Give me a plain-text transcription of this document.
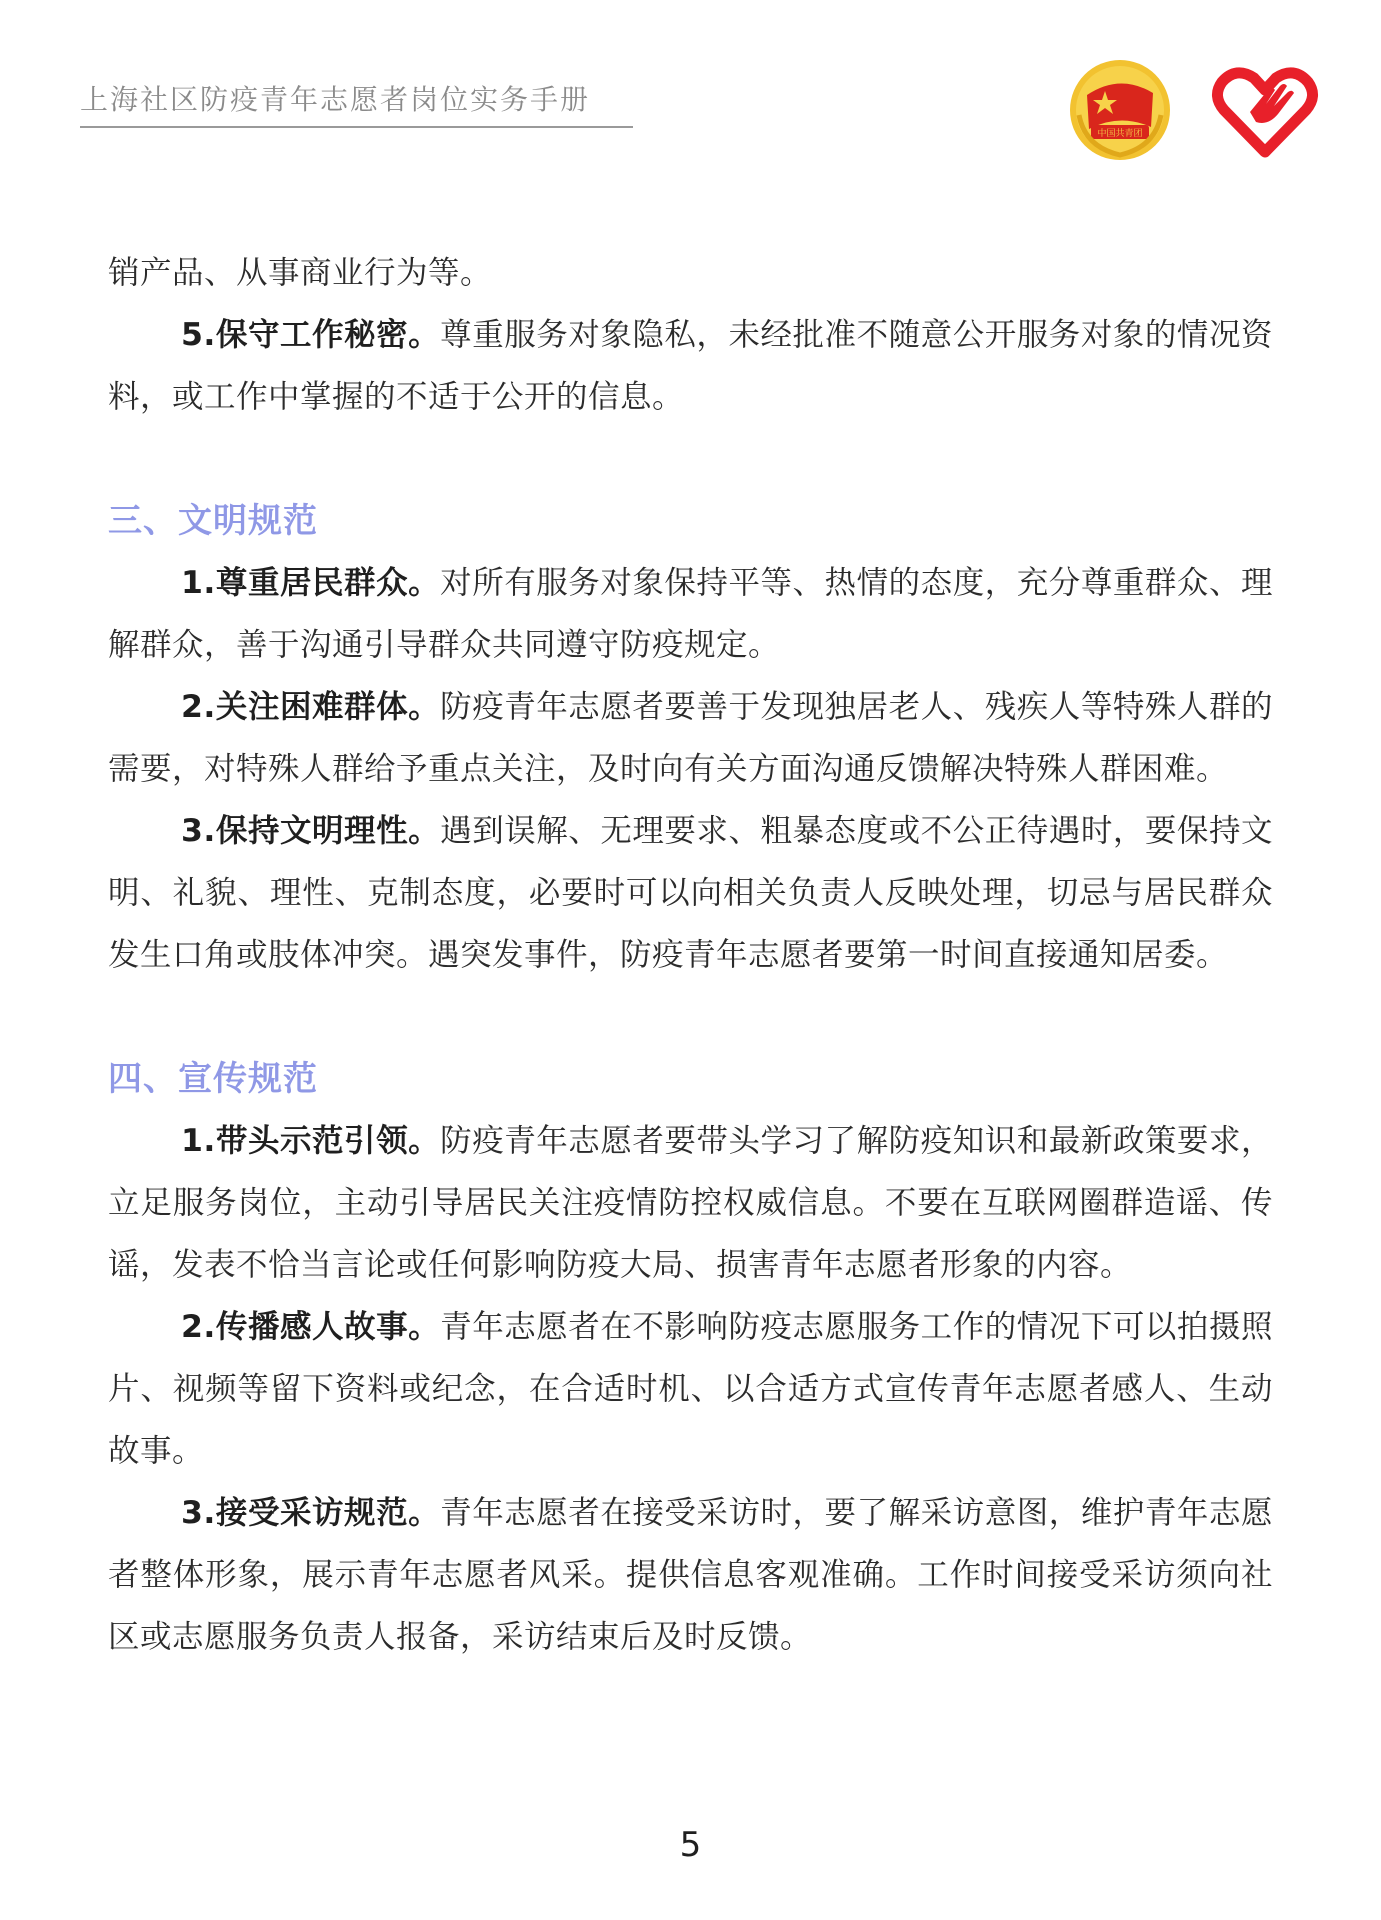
上海社区防疫青年志愿者岗位实务手册
中国共青团

销产品、从事商业行为等。

5.保守工作秘密。尊重服务对象隐私，未经批准不随意公开服务对象的情况资料，或工作中掌握的不适于公开的信息。

三、文明规范

1.尊重居民群众。对所有服务对象保持平等、热情的态度，充分尊重群众、理解群众，善于沟通引导群众共同遵守防疫规定。

2.关注困难群体。防疫青年志愿者要善于发现独居老人、残疾人等特殊人群的需要，对特殊人群给予重点关注，及时向有关方面沟通反馈解决特殊人群困难。

3.保持文明理性。遇到误解、无理要求、粗暴态度或不公正待遇时，要保持文明、礼貌、理性、克制态度，必要时可以向相关负责人反映处理，切忌与居民群众发生口角或肢体冲突。遇突发事件，防疫青年志愿者要第一时间直接通知居委。

四、宣传规范

1.带头示范引领。防疫青年志愿者要带头学习了解防疫知识和最新政策要求，立足服务岗位，主动引导居民关注疫情防控权威信息。不要在互联网圈群造谣、传谣，发表不恰当言论或任何影响防疫大局、损害青年志愿者形象的内容。

2.传播感人故事。青年志愿者在不影响防疫志愿服务工作的情况下可以拍摄照片、视频等留下资料或纪念，在合适时机、以合适方式宣传青年志愿者感人、生动故事。

3.接受采访规范。青年志愿者在接受采访时，要了解采访意图，维护青年志愿者整体形象，展示青年志愿者风采。提供信息客观准确。工作时间接受采访须向社区或志愿服务负责人报备，采访结束后及时反馈。

5
